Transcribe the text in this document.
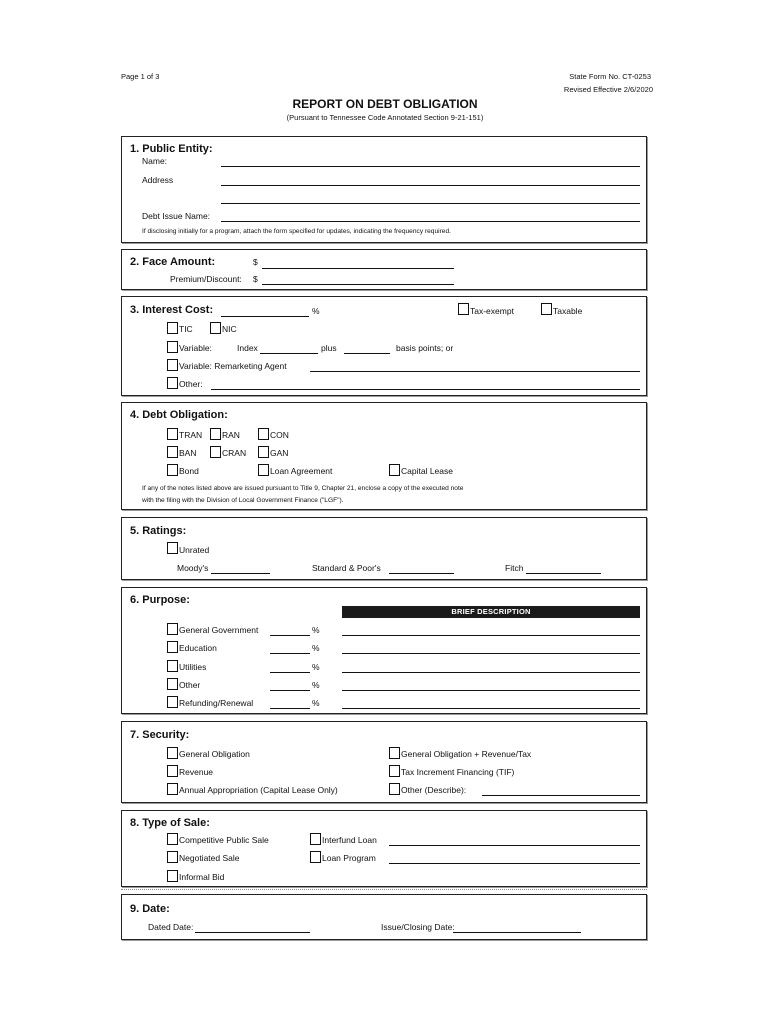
Page 1 of 3	State Form No. CT-0253
Revised Effective 2/6/2020
REPORT ON DEBT OBLIGATION
(Pursuant to Tennessee Code Annotated Section 9-21-151)
1. Public Entity:
Name:
Address
Debt Issue Name:
If disclosing initially for a program, attach the form specified for updates, indicating the frequency required.
2. Face Amount:	$
Premium/Discount: $
3. Interest Cost:	%	Tax-exempt	Taxable
TIC	NIC
Variable:	Index	plus	basis points; or
Variable: Remarketing Agent
Other:
4. Debt Obligation:
TRAN RAN	CON
BAN	CRAN	GAN
Bond	Loan Agreement	Capital Lease
If any of the notes listed above are issued pursuant to Title 9, Chapter 21, enclose a copy of the executed note
with the filing with the Division of Local Government Finance ("LGF").
5. Ratings:
Unrated
Moody's	Standard & Poor's	Fitch
6. Purpose:
BRIEF DESCRIPTION
General Government	%
Education	%
Utilities	%
Other	%
Refunding/Renewal	%
7. Security:
General Obligation	General Obligation + Revenue/Tax
Revenue	Tax Increment Financing (TIF)
Annual Appropriation (Capital Lease Only)	Other (Describe):
8. Type of Sale:
Competitive Public Sale	Interfund Loan
Negotiated Sale	Loan Program
Informal Bid
9. Date:
Dated Date:	Issue/Closing Date:
